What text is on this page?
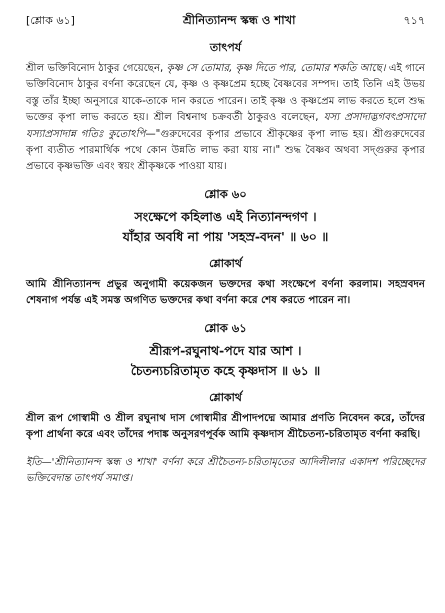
[শ্লোক ৬১]	শ্রীনিত্যানন্দ স্কন্ধ ও শাখা	৭১৭
তাৎপর্য

শ্রীল ভক্তিবিনোদ ঠাকুর গেয়েছেন, কৃষ্ণ সে তোমার, কৃষ্ণ দিতে পার, তোমার শকতি আছে। এই গানে ভক্তিবিনোদ ঠাকুর বর্ণনা করেছেন যে, কৃষ্ণ ও কৃষ্ণপ্রেম হচ্ছে বৈষ্ণবের সম্পদ। তাই তিনি এই উভয় বস্তু তাঁর ইচ্ছা অনুসারে যাকে-তাকে দান করতে পারেন। তাই কৃষ্ণ ও কৃষ্ণপ্রেম লাভ করতে হলে শুদ্ধ ভক্তের কৃপা লাভ করতে হয়। শ্রীল বিশ্বনাথ চক্রবর্তী ঠাকুরও বলেছেন, যস্য প্রসাদাদ্ভগবৎপ্রসাদো যস্যাপ্রসাদান্ন গতিঃ কুতোঽপি—"গুরুদেবের কৃপার প্রভাবে শ্রীকৃষ্ণের কৃপা লাভ হয়। শ্রীগুরুদেবের কৃপা ব্যতীত পারমার্থিক পথে কোন উন্নতি লাভ করা যায় না।" শুদ্ধ বৈষ্ণব অথবা সদ্গুরুর কৃপার প্রভাবে কৃষ্ণভক্তি এবং স্বয়ং শ্রীকৃষ্ণকে পাওয়া যায়।

শ্লোক ৬০
সংক্ষেপে কহিলাঙ এই নিত্যানন্দগণ ।
যাঁহার অবধি না পায় 'সহস্র-বদন' ॥ ৬০ ॥
শ্লোকার্থ

আমি শ্রীনিত্যানন্দ প্রভুর অনুগামী কয়েকজন ভক্তদের কথা সংক্ষেপে বর্ণনা করলাম। সহস্রবদন শেষনাগ পর্যন্ত এই সমস্ত অগণিত ভক্তদের কথা বর্ণনা করে শেষ করতে পারেন না।

শ্লোক ৬১
শ্রীরূপ-রঘুনাথ-পদে যার আশ ।
চৈতন্যচরিতামৃত কহে কৃষ্ণদাস ॥ ৬১ ॥
শ্লোকার্থ

শ্রীল রূপ গোস্বামী ও শ্রীল রঘুনাথ দাস গোস্বামীর শ্রীপাদপদ্মে আমার প্রণতি নিবেদন করে, তাঁদের কৃপা প্রার্থনা করে এবং তাঁদের পদাঙ্ক অনুসরণপূর্বক আমি কৃষ্ণদাস শ্রীচৈতন্য-চরিতামৃত বর্ণনা করছি।

ইতি—'শ্রীনিত্যানন্দ স্কন্ধ ও শাখা' বর্ণনা করে শ্রীচৈতন্য-চরিতামৃতের আদিলীলার একাদশ পরিচ্ছেদের ভক্তিবেদান্ত তাৎপর্য সমাপ্ত।
